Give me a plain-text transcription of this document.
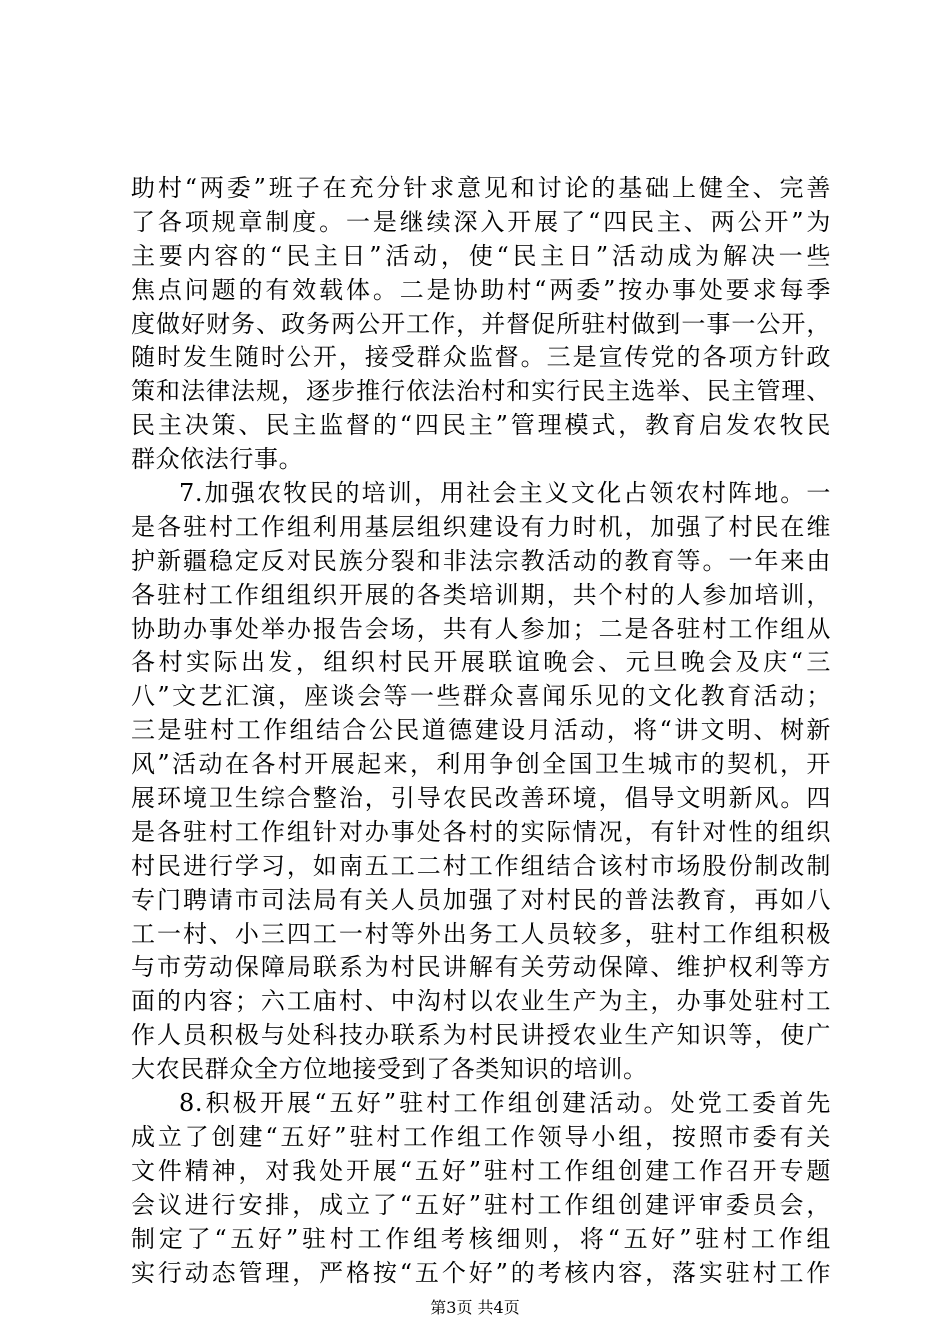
助村“两委”班子在充分针求意见和讨论的基础上健全、完善
了各项规章制度。一是继续深入开展了“四民主、两公开”为
主要内容的“民主日”活动，使“民主日”活动成为解决一些
焦点问题的有效载体。二是协助村“两委”按办事处要求每季
度做好财务、政务两公开工作，并督促所驻村做到一事一公开，
随时发生随时公开，接受群众监督。三是宣传党的各项方针政
策和法律法规，逐步推行依法治村和实行民主选举、民主管理、
民主决策、民主监督的“四民主”管理模式，教育启发农牧民
群众依法行事。
7.加强农牧民的培训，用社会主义文化占领农村阵地。一
是各驻村工作组利用基层组织建设有力时机，加强了村民在维
护新疆稳定反对民族分裂和非法宗教活动的教育等。一年来由
各驻村工作组组织开展的各类培训期，共个村的人参加培训，
协助办事处举办报告会场，共有人参加；二是各驻村工作组从
各村实际出发，组织村民开展联谊晚会、元旦晚会及庆“三
八”文艺汇演，座谈会等一些群众喜闻乐见的文化教育活动；
三是驻村工作组结合公民道德建设月活动，将“讲文明、树新
风”活动在各村开展起来，利用争创全国卫生城市的契机，开
展环境卫生综合整治，引导农民改善环境，倡导文明新风。四
是各驻村工作组针对办事处各村的实际情况，有针对性的组织
村民进行学习，如南五工二村工作组结合该村市场股份制改制
专门聘请市司法局有关人员加强了对村民的普法教育，再如八
工一村、小三四工一村等外出务工人员较多，驻村工作组积极
与市劳动保障局联系为村民讲解有关劳动保障、维护权利等方
面的内容；六工庙村、中沟村以农业生产为主，办事处驻村工
作人员积极与处科技办联系为村民讲授农业生产知识等，使广
大农民群众全方位地接受到了各类知识的培训。
8.积极开展“五好”驻村工作组创建活动。处党工委首先
成立了创建“五好”驻村工作组工作领导小组，按照市委有关
文件精神，对我处开展“五好”驻村工作组创建工作召开专题
会议进行安排，成立了“五好”驻村工作组创建评审委员会，
制定了“五好”驻村工作组考核细则，将“五好”驻村工作组
实行动态管理，严格按“五个好”的考核内容，落实驻村工作
第3页 共4页
